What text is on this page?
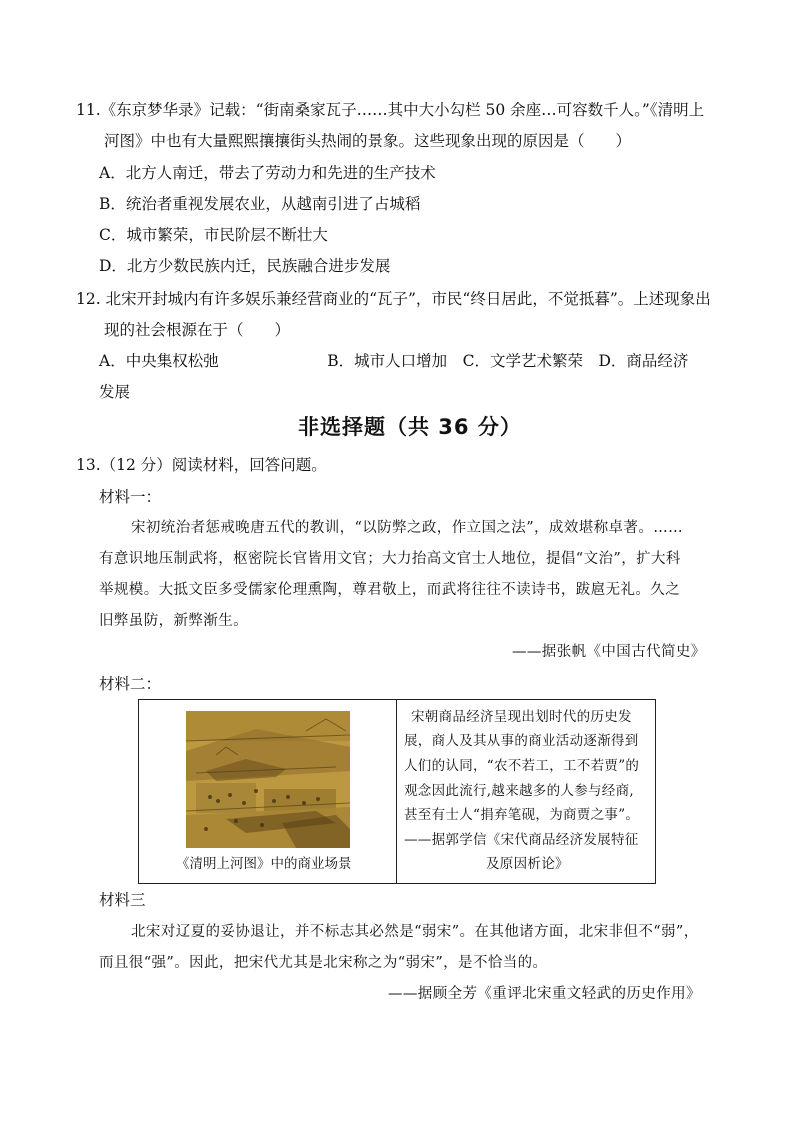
11.《东京梦华录》记载：“街南桑家瓦子……其中大小勾栏 50 余座…可容数千人。”《清明上
河图》中也有大量熙熙攘攘街头热闹的景象。这些现象出现的原因是（　　）
A．北方人南迁，带去了劳动力和先进的生产技术
B．统治者重视发展农业，从越南引进了占城稻
C．城市繁荣，市民阶层不断壮大
D．北方少数民族内迁，民族融合进步发展
12. 北宋开封城内有许多娱乐兼经营商业的“瓦子”，市民“终日居此，不觉抵暮”。上述现象出
现的社会根源在于（　　）
A．中央集权松弛　　　　　　　B．城市人口增加　C．文学艺术繁荣　D．商品经济
发展
非选择题（共 36 分）
13.（12 分）阅读材料，回答问题。
材料一：
宋初统治者惩戒晚唐五代的教训，“以防弊之政，作立国之法”，成效堪称卓著。……
有意识地压制武将，枢密院长官皆用文官；大力抬高文官士人地位，提倡“文治”，扩大科
举规模。大抵文臣多受儒家伦理熏陶，尊君敬上，而武将往往不读诗书，跋扈无礼。久之
旧弊虽防，新弊渐生。
——据张帆《中国古代简史》
材料二：
《清明上河图》中的商业场景
宋朝商品经济呈现出划时代的历史发
展，商人及其从事的商业活动逐渐得到
人们的认同，“农不若工，工不若贾”的
观念因此流行,越来越多的人参与经商,
甚至有士人“捐弃笔砚，为商贾之事”。
——据郭学信《宋代商品经济发展特征
及原因析论》
材料三
北宋对辽夏的妥协退让，并不标志其必然是“弱宋”。在其他诸方面，北宋非但不“弱”，
而且很“强”。因此，把宋代尤其是北宋称之为“弱宋”，是不恰当的。
——据顾全芳《重评北宋重文轻武的历史作用》
